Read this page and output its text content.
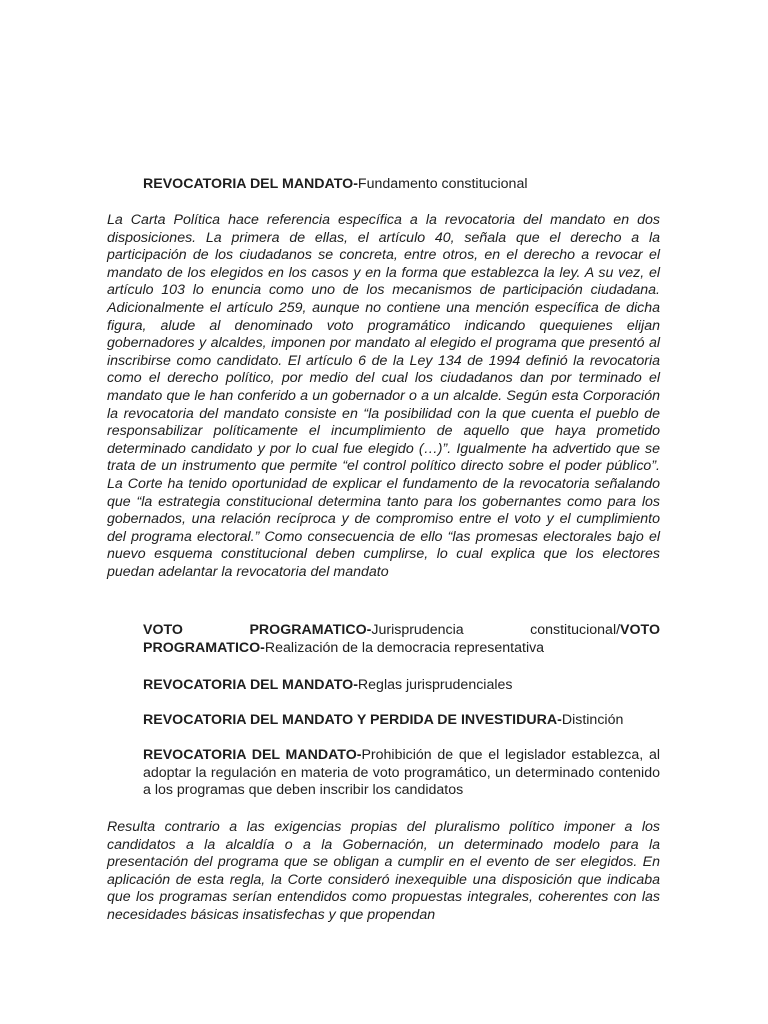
REVOCATORIA DEL MANDATO-Fundamento constitucional

La Carta Política hace referencia específica a la revocatoria del mandato en dos disposiciones. La primera de ellas, el artículo 40, señala que el derecho a la participación de los ciudadanos se concreta, entre otros, en el derecho a revocar el mandato de los elegidos en los casos y en la forma que establezca la ley. A su vez, el artículo 103 lo enuncia como uno de los mecanismos de participación ciudadana. Adicionalmente el artículo 259, aunque no contiene una mención específica de dicha figura, alude al denominado voto programático indicando quequienes elijan gobernadores y alcaldes, imponen por mandato al elegido el programa que presentó al inscribirse como candidato. El artículo 6 de la Ley 134 de 1994 definió la revocatoria como el derecho político, por medio del cual los ciudadanos dan por terminado el mandato que le han conferido a un gobernador o a un alcalde. Según esta Corporación la revocatoria del mandato consiste en “la posibilidad con la que cuenta el pueblo de responsabilizar políticamente el incumplimiento de aquello que haya prometido determinado candidato y por lo cual fue elegido (…)”. Igualmente ha advertido que se trata de un instrumento que permite “el control político directo sobre el poder público”. La Corte ha tenido oportunidad de explicar el fundamento de la revocatoria señalando que “la estrategia constitucional determina tanto para los gobernantes como para los gobernados, una relación recíproca y de compromiso entre el voto y el cumplimiento del programa electoral.” Como consecuencia de ello “las promesas electorales bajo el nuevo esquema constitucional deben cumplirse, lo cual explica que los electores puedan adelantar la revocatoria del mandato

VOTO PROGRAMATICO-Jurisprudencia constitucional/VOTO PROGRAMATICO-Realización de la democracia representativa

REVOCATORIA DEL MANDATO-Reglas jurisprudenciales

REVOCATORIA DEL MANDATO Y PERDIDA DE INVESTIDURA-Distinción

REVOCATORIA DEL MANDATO-Prohibición de que el legislador establezca, al adoptar la regulación en materia de voto programático, un determinado contenido a los programas que deben inscribir los candidatos

Resulta contrario a las exigencias propias del pluralismo político imponer a los candidatos a la alcaldía o a la Gobernación, un determinado modelo para la presentación del programa que se obligan a cumplir en el evento de ser elegidos. En aplicación de esta regla, la Corte consideró inexequible una disposición que indicaba que los programas serían entendidos como propuestas integrales, coherentes con las necesidades básicas insatisfechas y que propendan
